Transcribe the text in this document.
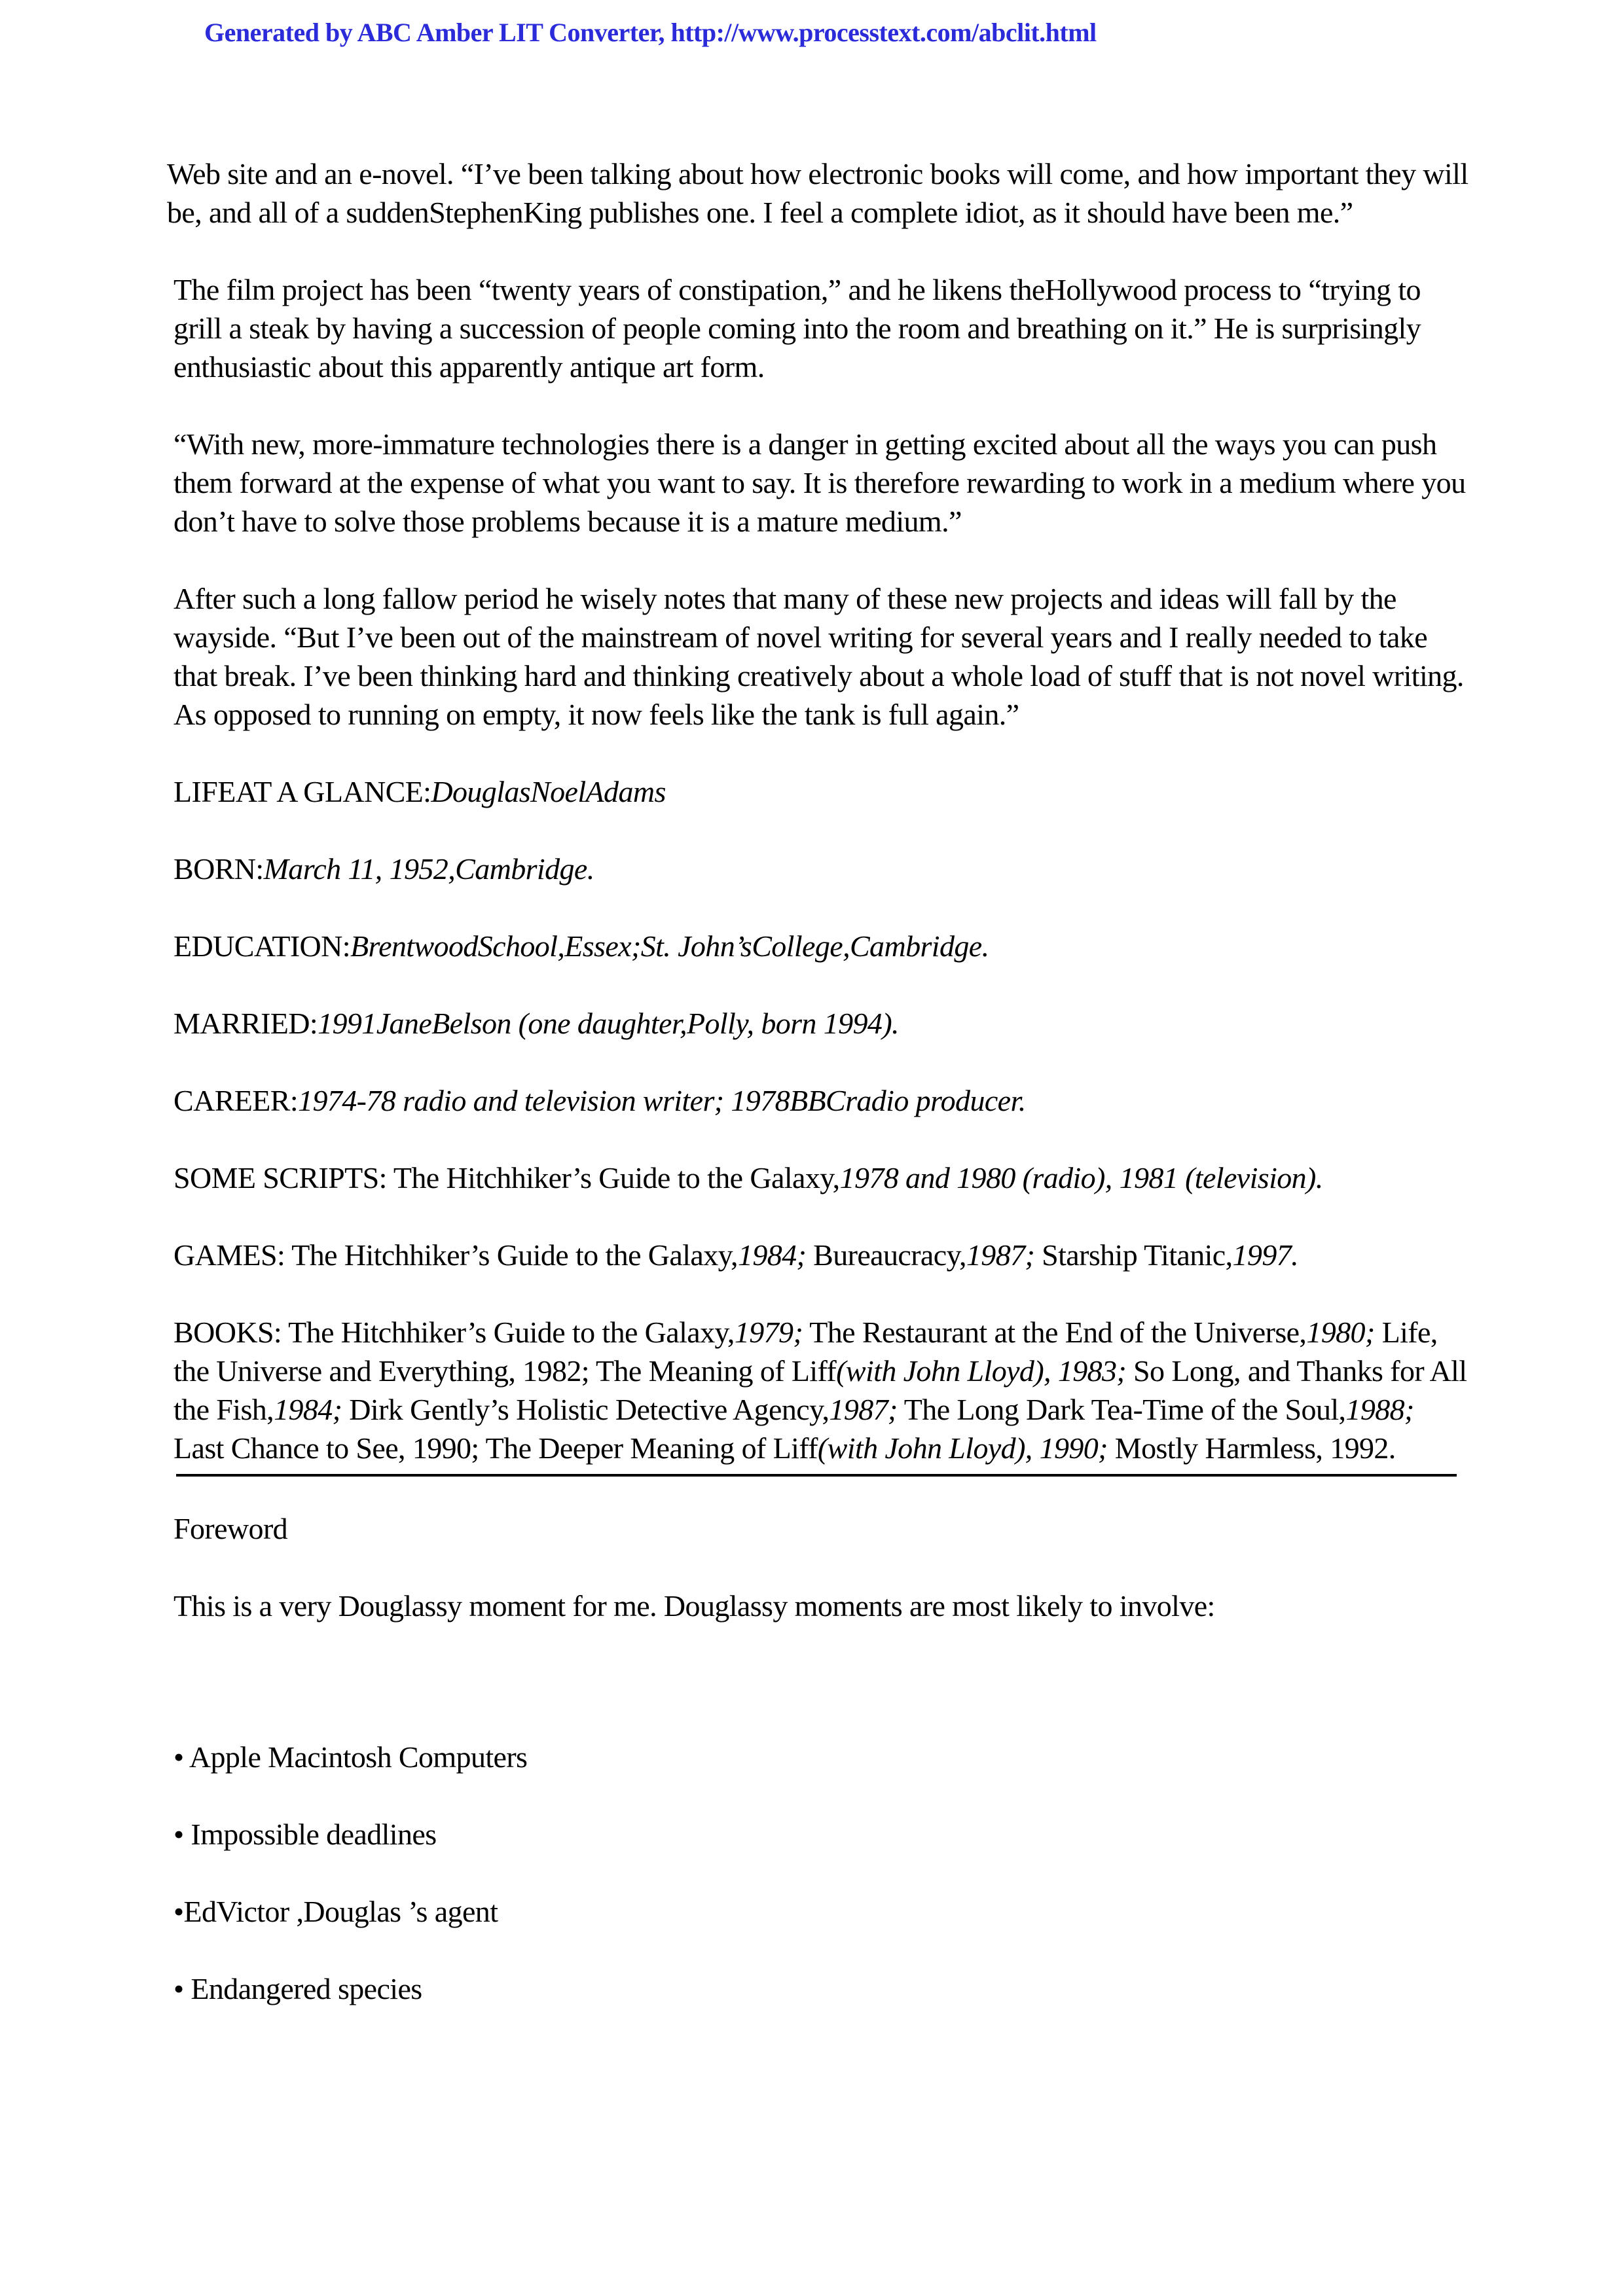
Generated by ABC Amber LIT Converter, http://www.processtext.com/abclit.html

Web site and an e-novel. “I’ve been talking about how electronic books will come, and how important they will be, and all of a suddenStephenKing publishes one. I feel a complete idiot, as it should have been me.”

The film project has been “twenty years of constipation,” and he likens theHollywood process to “trying to grill a steak by having a succession of people coming into the room and breathing on it.” He is surprisingly enthusiastic about this apparently antique art form.

“With new, more-immature technologies there is a danger in getting excited about all the ways you can push them forward at the expense of what you want to say. It is therefore rewarding to work in a medium where you don’t have to solve those problems because it is a mature medium.”

After such a long fallow period he wisely notes that many of these new projects and ideas will fall by the wayside. “But I’ve been out of the mainstream of novel writing for several years and I really needed to take that break. I’ve been thinking hard and thinking creatively about a whole load of stuff that is not novel writing. As opposed to running on empty, it now feels like the tank is full again.”

LIFEAT A GLANCE:DouglasNoelAdams

BORN:March 11, 1952,Cambridge.

EDUCATION:BrentwoodSchool,Essex;St. John’sCollege,Cambridge.

MARRIED:1991JaneBelson (one daughter,Polly, born 1994).

CAREER:1974-78 radio and television writer; 1978BBCradio producer.

SOME SCRIPTS: The Hitchhiker’s Guide to the Galaxy,1978 and 1980 (radio), 1981 (television).

GAMES: The Hitchhiker’s Guide to the Galaxy,1984; Bureaucracy,1987; Starship Titanic,1997.

BOOKS: The Hitchhiker’s Guide to the Galaxy,1979; The Restaurant at the End of the Universe,1980; Life, the Universe and Everything, 1982; The Meaning of Liff(with John Lloyd), 1983; So Long, and Thanks for All the Fish,1984; Dirk Gently’s Holistic Detective Agency,1987; The Long Dark Tea-Time of the Soul,1988; Last Chance to See, 1990; The Deeper Meaning of Liff(with John Lloyd), 1990; Mostly Harmless, 1992.

Foreword

This is a very Douglassy moment for me. Douglassy moments are most likely to involve:

• Apple Macintosh Computers

• Impossible deadlines

•EdVictor ,Douglas ’s agent

• Endangered species
